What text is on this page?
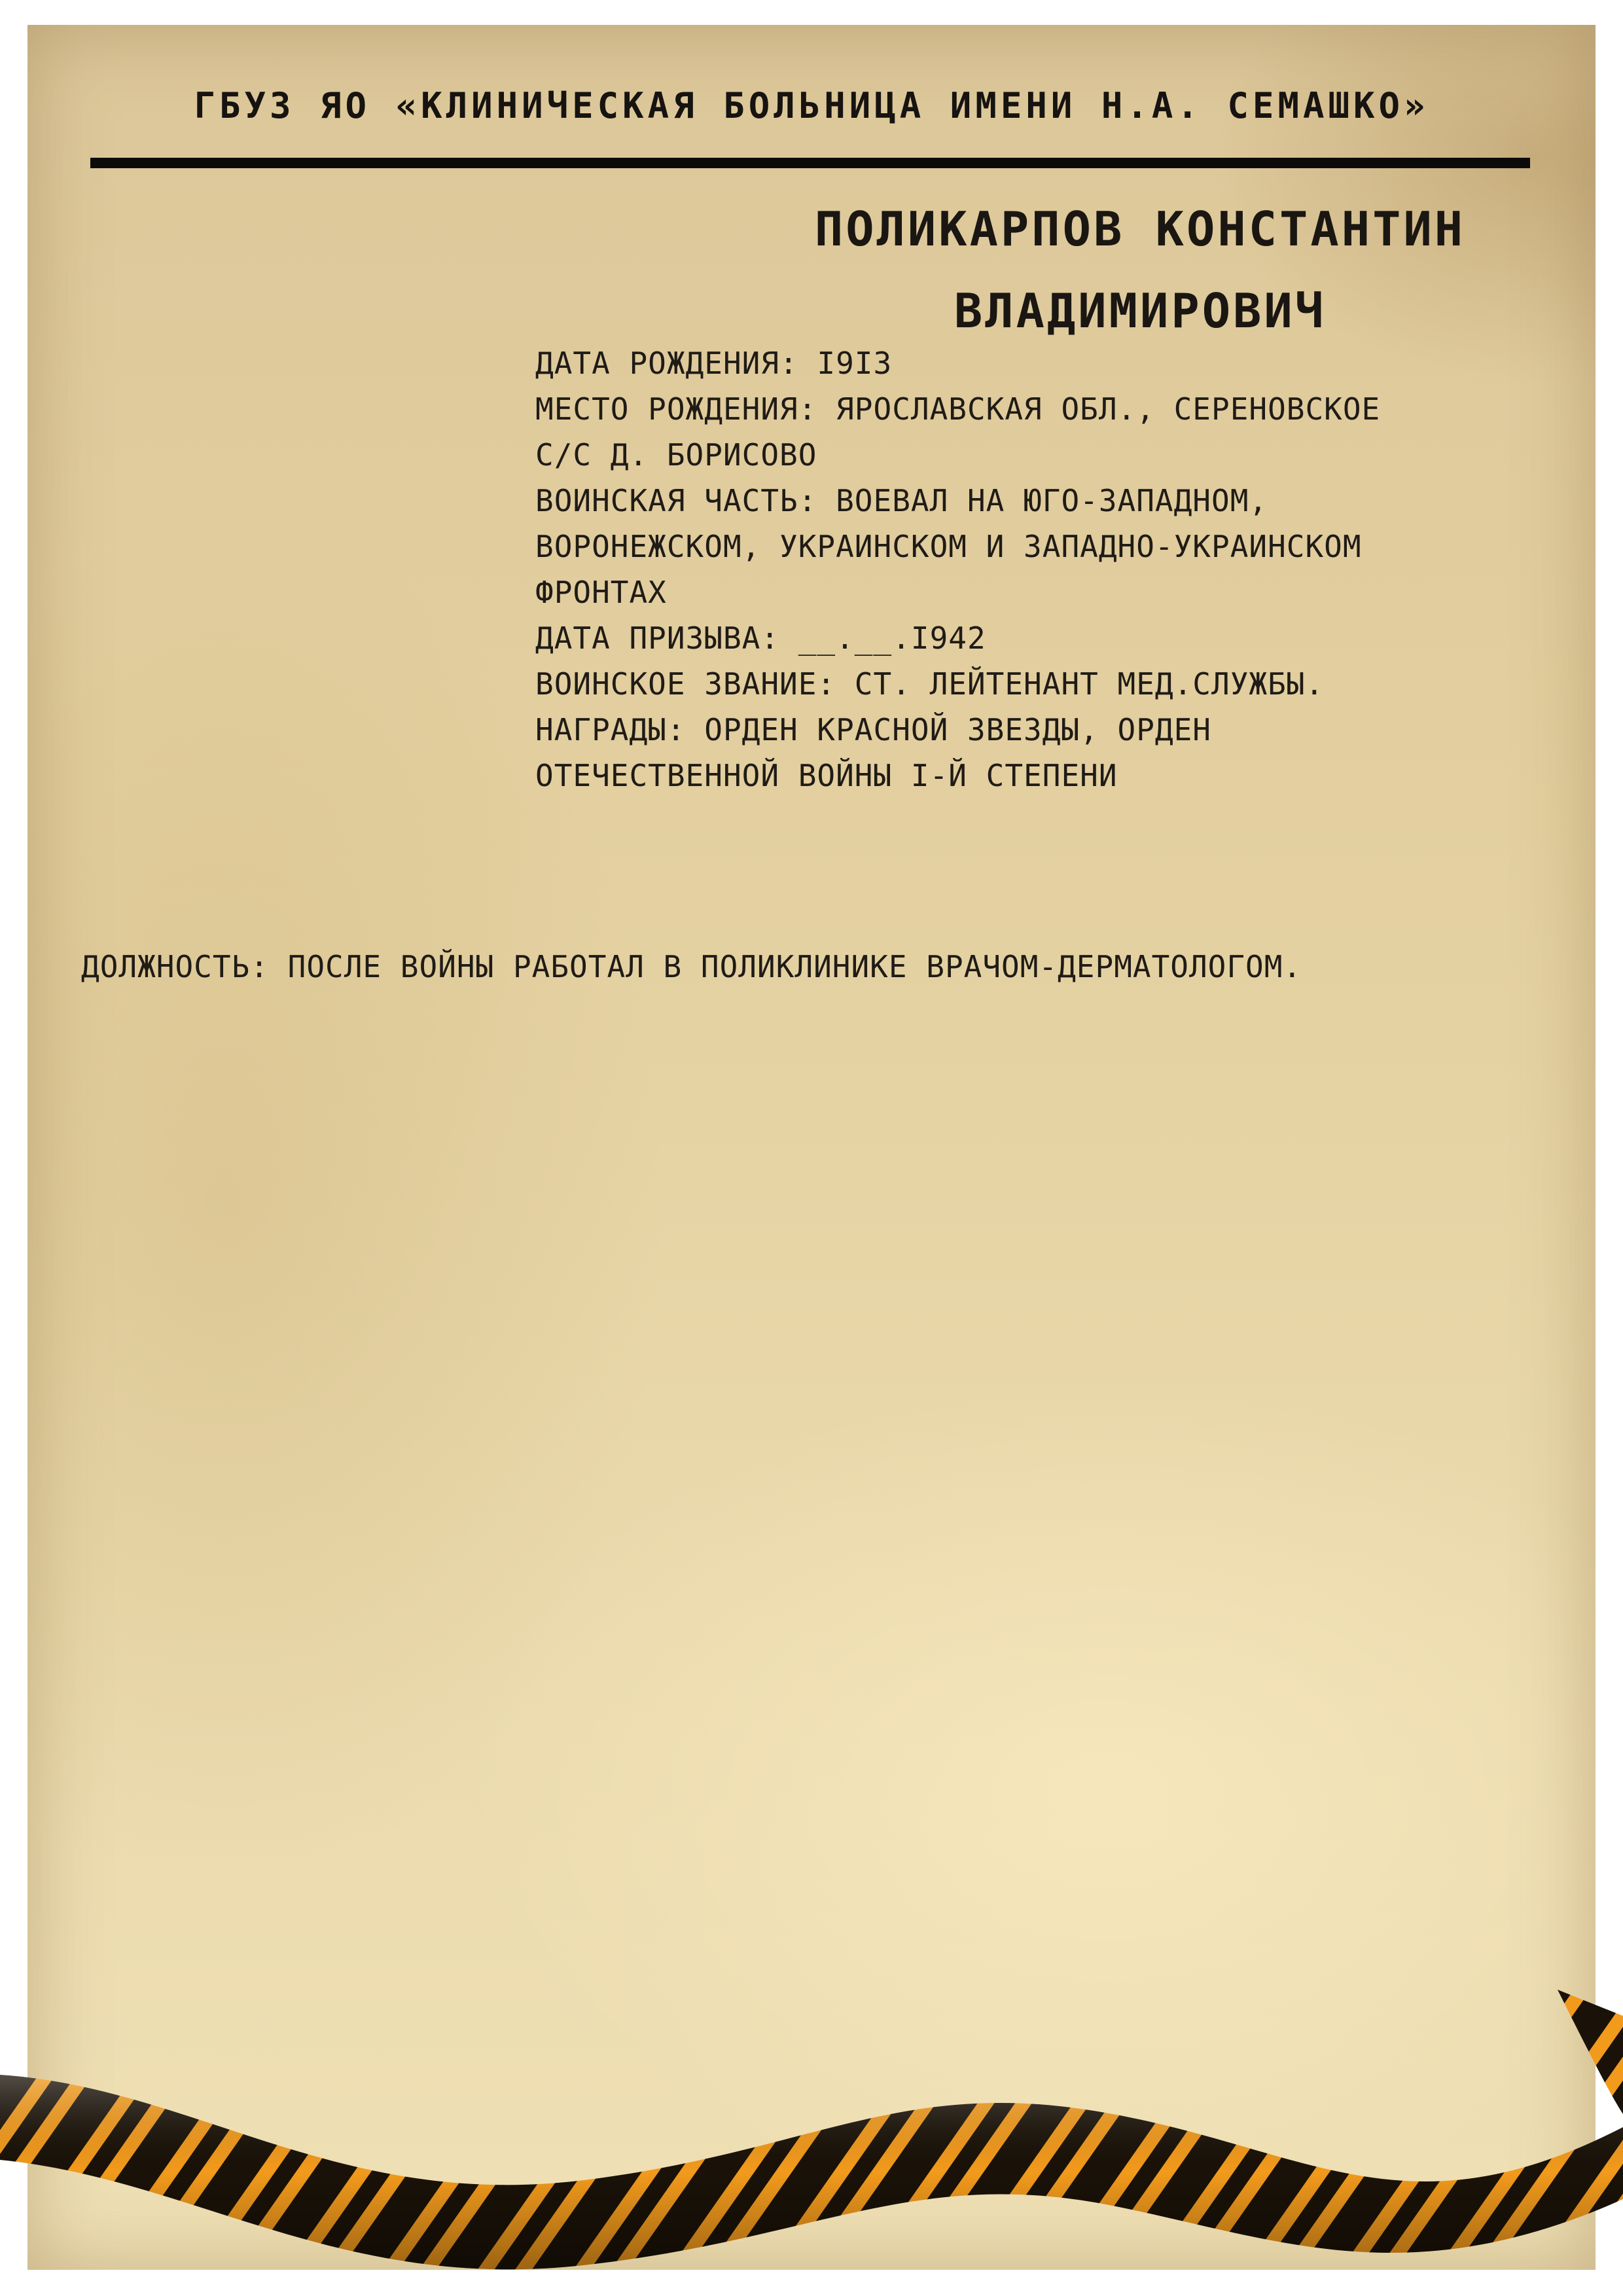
ГБУЗ ЯО «КЛИНИЧЕСКАЯ БОЛЬНИЦА ИМЕНИ Н.А. СЕМАШКО»
ПОЛИКАРПОВ КОНСТАНТИН
ВЛАДИМИРОВИЧ
ДАТА РОЖДЕНИЯ: I9I3
МЕСТО РОЖДЕНИЯ: ЯРОСЛАВСКАЯ ОБЛ., СЕРЕНОВСКОЕ
С/С Д. БОРИСОВО
ВОИНСКАЯ ЧАСТЬ: ВОЕВАЛ НА ЮГО-ЗАПАДНОМ,
ВОРОНЕЖСКОМ, УКРАИНСКОМ И ЗАПАДНО-УКРАИНСКОМ
ФРОНТАХ
ДАТА ПРИЗЫВА: __.__.I942
ВОИНСКОЕ ЗВАНИЕ: СТ. ЛЕЙТЕНАНТ МЕД.СЛУЖБЫ.
НАГРАДЫ: ОРДЕН КРАСНОЙ ЗВЕЗДЫ, ОРДЕН
ОТЕЧЕСТВЕННОЙ ВОЙНЫ I-Й СТЕПЕНИ
ДОЛЖНОСТЬ: ПОСЛЕ ВОЙНЫ РАБОТАЛ В ПОЛИКЛИНИКЕ ВРАЧОМ-ДЕРМАТОЛОГОМ.
